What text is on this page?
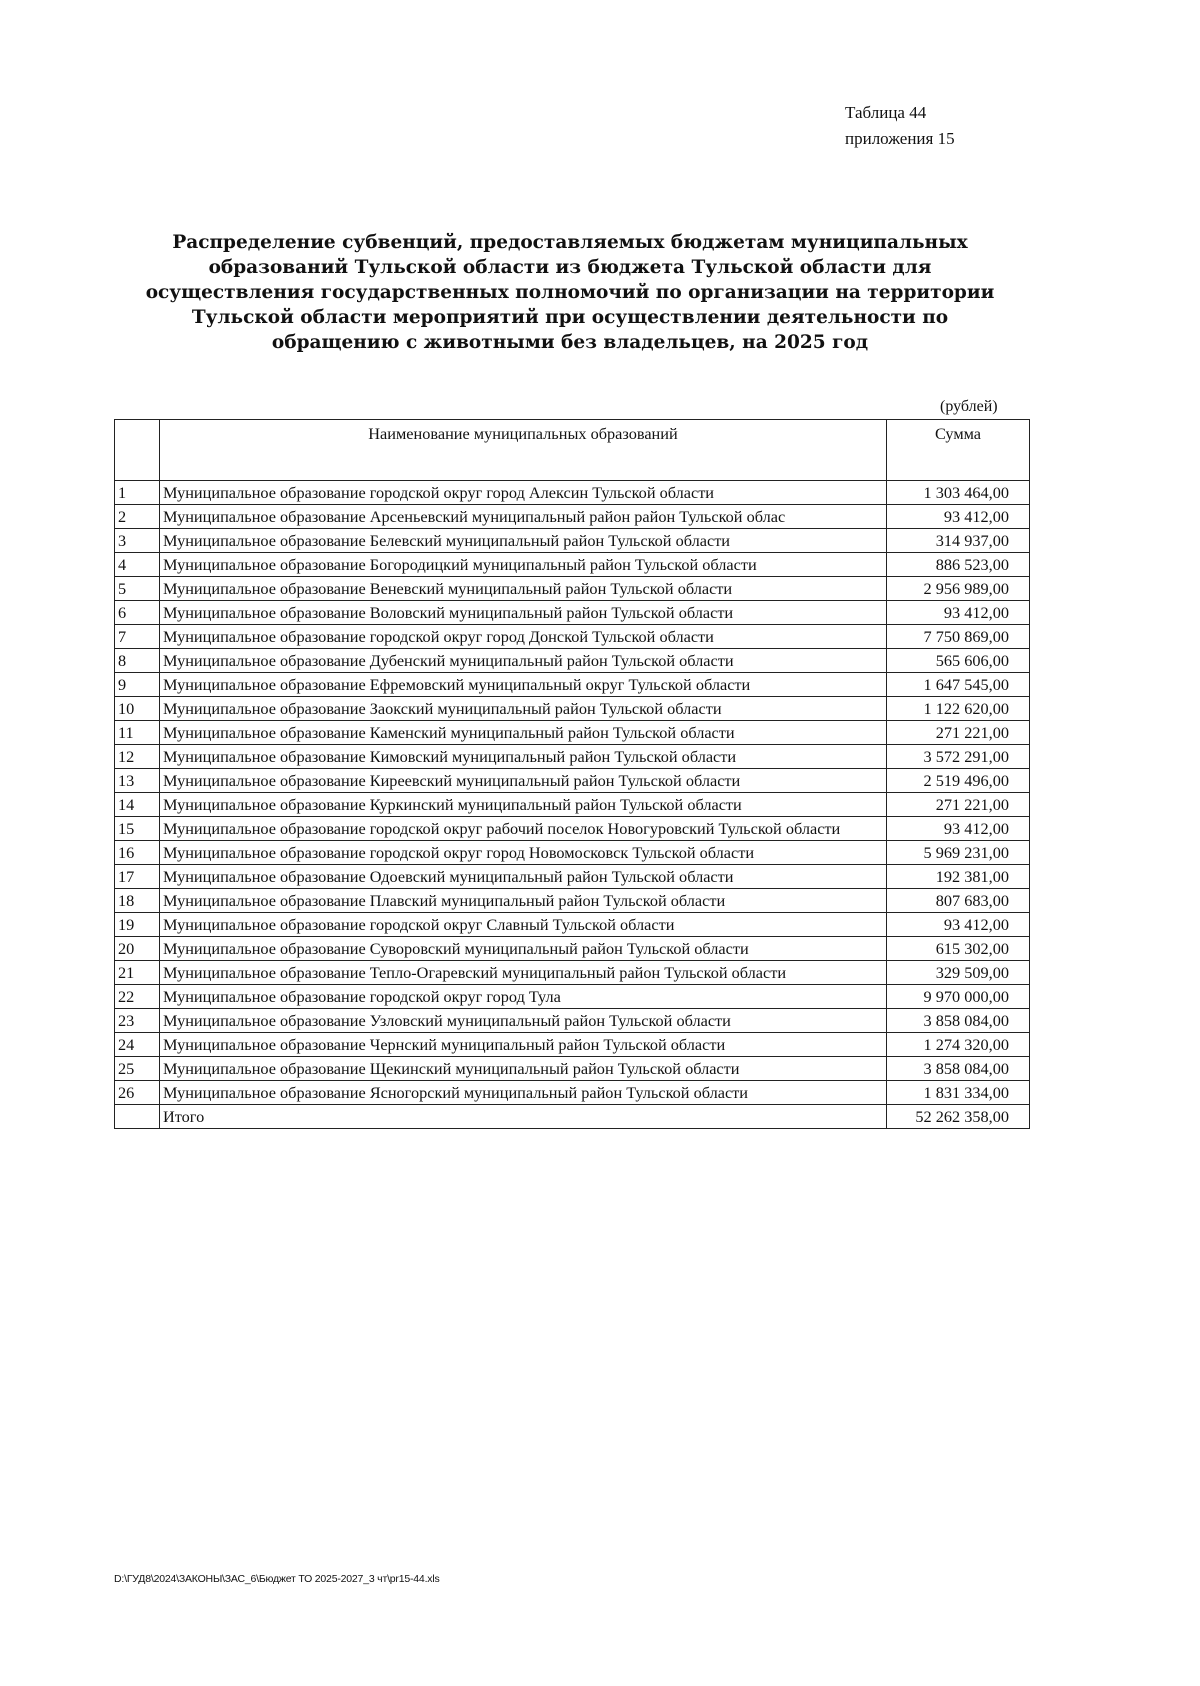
Таблица 44
приложения 15
Распределение субвенций, предоставляемых бюджетам муниципальных образований Тульской области из бюджета Тульской области для осуществления государственных полномочий по организации на территории Тульской области мероприятий при осуществлении деятельности по обращению с животными без владельцев, на 2025 год
(рублей)
	Наименование муниципальных образований	Сумма
1	Муниципальное образование городской округ город Алексин Тульской области	1 303 464,00
2	Муниципальное образование Арсеньевский муниципальный район район Тульской облас	93 412,00
3	Муниципальное образование Белевский муниципальный район Тульской области	314 937,00
4	Муниципальное образование Богородицкий муниципальный район Тульской области	886 523,00
5	Муниципальное образование Веневский муниципальный район Тульской области	2 956 989,00
6	Муниципальное образование Воловский муниципальный район Тульской области	93 412,00
7	Муниципальное образование городской округ город Донской Тульской области	7 750 869,00
8	Муниципальное образование Дубенский муниципальный район Тульской области	565 606,00
9	Муниципальное образование Ефремовский муниципальный округ Тульской области	1 647 545,00
10	Муниципальное образование Заокский муниципальный район Тульской области	1 122 620,00
11	Муниципальное образование Каменский муниципальный район Тульской области	271 221,00
12	Муниципальное образование Кимовский муниципальный район Тульской области	3 572 291,00
13	Муниципальное образование Киреевский муниципальный район Тульской области	2 519 496,00
14	Муниципальное образование Куркинский муниципальный район Тульской области	271 221,00
15	Муниципальное образование городской округ рабочий поселок Новогуровский Тульской области	93 412,00
16	Муниципальное образование городской округ город Новомосковск Тульской области	5 969 231,00
17	Муниципальное образование Одоевский муниципальный район Тульской области	192 381,00
18	Муниципальное образование Плавский муниципальный район Тульской области	807 683,00
19	Муниципальное образование городской округ Славный Тульской области	93 412,00
20	Муниципальное образование Суворовский муниципальный район Тульской области	615 302,00
21	Муниципальное образование Тепло-Огаревский муниципальный район Тульской области	329 509,00
22	Муниципальное образование городской округ город Тула	9 970 000,00
23	Муниципальное образование Узловский муниципальный район Тульской области	3 858 084,00
24	Муниципальное образование Чернский муниципальный район Тульской области	1 274 320,00
25	Муниципальное образование Щекинский муниципальный район Тульской области	3 858 084,00
26	Муниципальное образование Ясногорский муниципальный район Тульской области	1 831 334,00
	Итого	52 262 358,00
D:\ГУД8\2024\ЗАКОНЫ\ЗАС_6\Бюджет ТО 2025-2027_3 чт\pr15-44.xls
